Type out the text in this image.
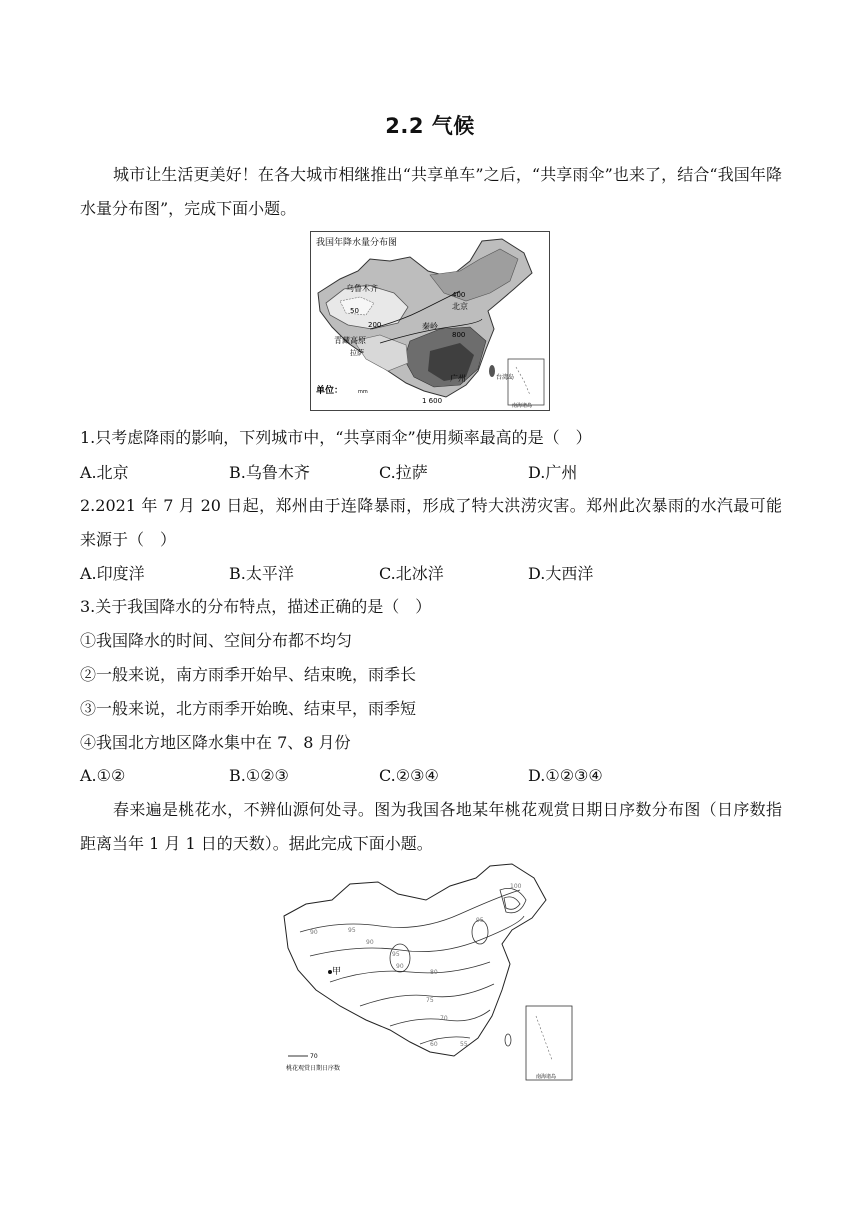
2.2 气候
城市让生活更美好！在各大城市相继推出“共享单车”之后，“共享雨伞”也来了，结合“我国年降水量分布图”，完成下面小题。
我国年降水量分布图
乌鲁木齐
50
200
400
北京
秦岭
800
青藏高原
拉萨
广州	台湾岛
1 600
单位：	mm
南海诸岛
1.只考虑降雨的影响，下列城市中，“共享雨伞”使用频率最高的是（　）
A.北京	B.乌鲁木齐	C.拉萨	D.广州
2.2021 年 7 月 20 日起，郑州由于连降暴雨，形成了特大洪涝灾害。郑州此次暴雨的水汽最可能来源于（　）
A.印度洋	B.太平洋	C.北冰洋	D.大西洋
3.关于我国降水的分布特点，描述正确的是（　）
①我国降水的时间、空间分布都不均匀
②一般来说，南方雨季开始早、结束晚，雨季长
③一般来说，北方雨季开始晚、结束早，雨季短
④我国北方地区降水集中在 7、8 月份
A.①②	B.①②③	C.②③④	D.①②③④
春来遍是桃花水，不辨仙源何处寻。图为我国各地某年桃花观赏日期日序数分布图（日序数指距离当年 1 月 1 日的天数）。据此完成下面小题。
甲
90	95
90
95
90
95
80
75
70
60	55
100
70
桃花观赏日期日序数
南海诸岛
